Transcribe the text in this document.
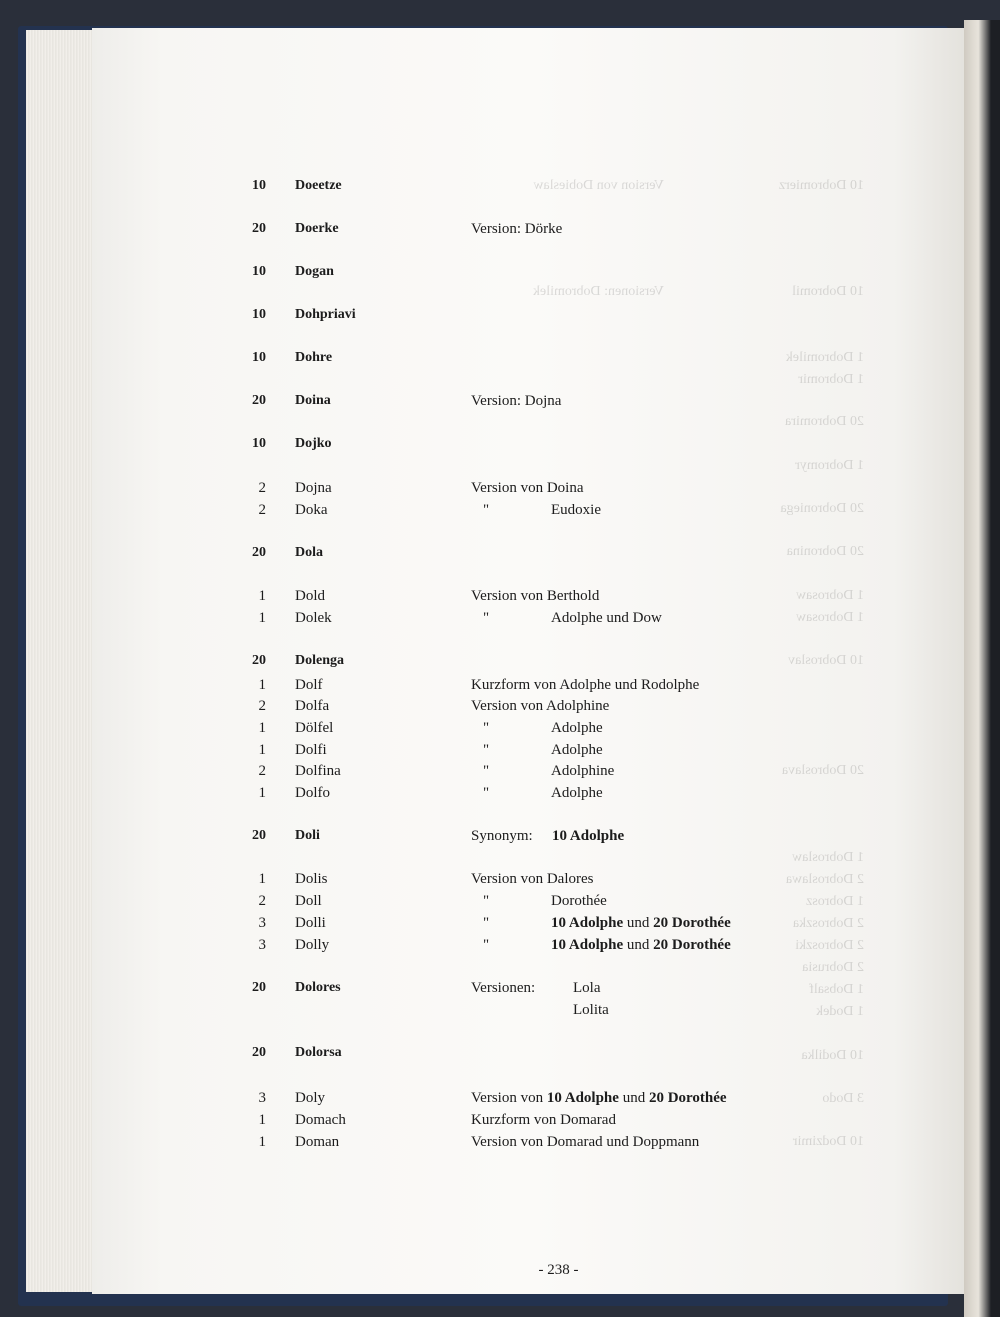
10 Doeetze
20 Doerke	Version: Dörke
10 Dogan
10 Dohpriavi
10 Dohre
20 Doina	Version: Dojna
10 Dojko
2 Dojna	Version von Doina
2 Doka	"	Eudoxie
20 Dola
1 Dold	Version von Berthold
1 Dolek	"	Adolphe und Dow
20 Dolenga
1 Dolf	Kurzform von Adolphe und Rodolphe
2 Dolfa	Version von Adolphine
1 Dölfel	"	Adolphe
1 Dolfi	"	Adolphe
2 Dolfina	"	Adolphine
1 Dolfo	"	Adolphe
20 Doli	Synonym: 10 Adolphe
1 Dolis	Version von Dalores
2 Doll	"	Dorothée
3 Dolli	"	10 Adolphe und 20 Dorothée
3 Dolly	"	10 Adolphe und 20 Dorothée
20 Dolores	Versionen:	Lola
Lolita
20 Dolorsa
3 Doly	Version von 10 Adolphe und 20 Dorothée
1 Domach	Kurzform von Domarad
1 Doman	Version von Domarad und Doppmann
- 238 -
